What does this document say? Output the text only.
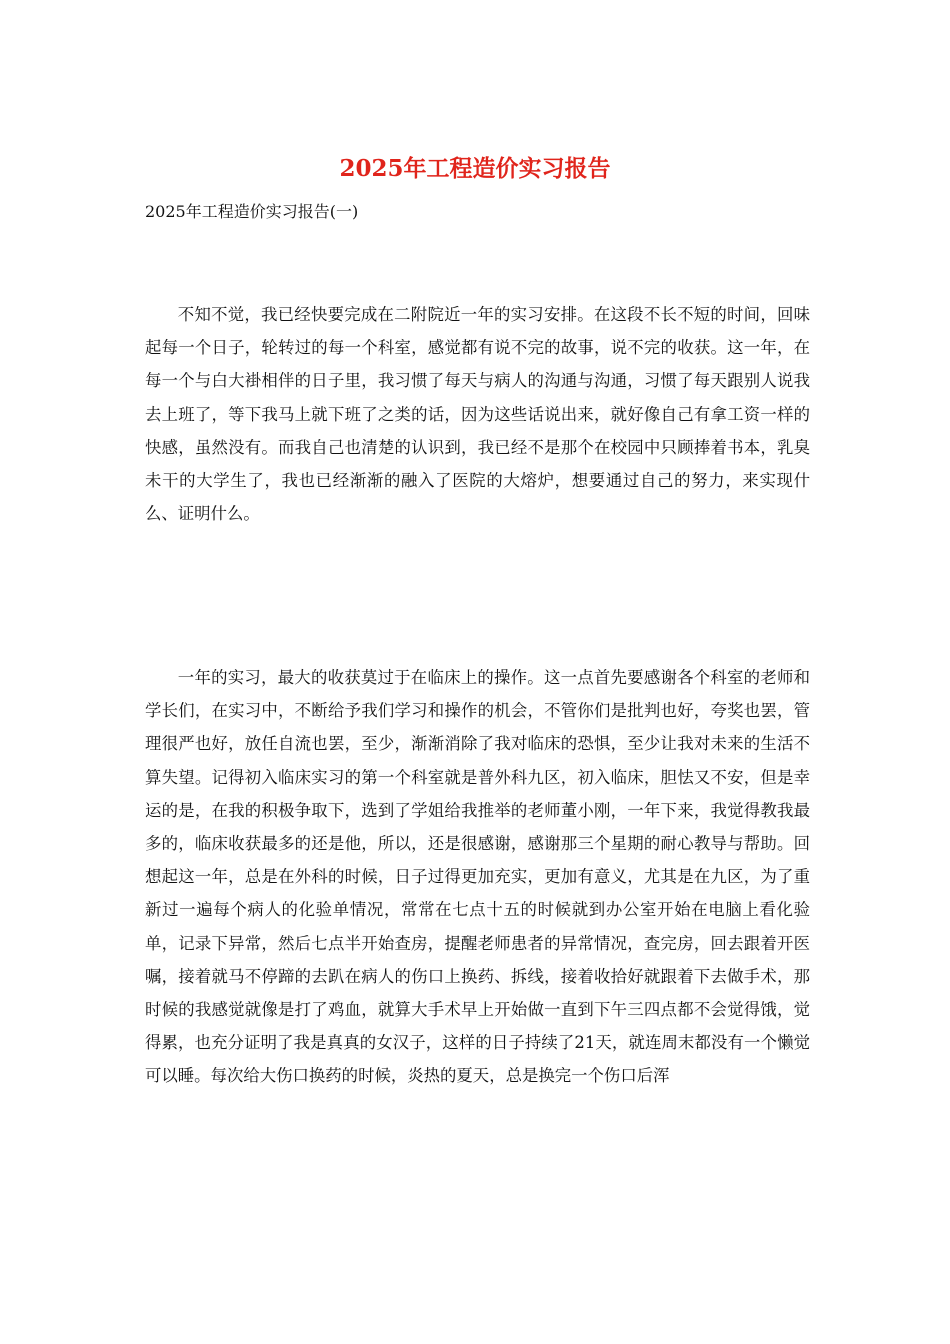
2025年工程造价实习报告

2025年工程造价实习报告(一)

不知不觉，我已经快要完成在二附院近一年的实习安排。在这段不长不短的时间，回味起每一个日子，轮转过的每一个科室，感觉都有说不完的故事，说不完的收获。这一年，在每一个与白大褂相伴的日子里，我习惯了每天与病人的沟通与沟通，习惯了每天跟别人说我去上班了，等下我马上就下班了之类的话，因为这些话说出来，就好像自己有拿工资一样的快感，虽然没有。而我自己也清楚的认识到，我已经不是那个在校园中只顾捧着书本，乳臭未干的大学生了，我也已经渐渐的融入了医院的大熔炉，想要通过自己的努力，来实现什么、证明什么。

一年的实习，最大的收获莫过于在临床上的操作。这一点首先要感谢各个科室的老师和学长们，在实习中，不断给予我们学习和操作的机会，不管你们是批判也好，夸奖也罢，管理很严也好，放任自流也罢，至少，渐渐消除了我对临床的恐惧，至少让我对未来的生活不算失望。记得初入临床实习的第一个科室就是普外科九区，初入临床，胆怯又不安，但是幸运的是，在我的积极争取下，选到了学姐给我推举的老师董小刚，一年下来，我觉得教我最多的，临床收获最多的还是他，所以，还是很感谢，感谢那三个星期的耐心教导与帮助。回想起这一年，总是在外科的时候，日子过得更加充实，更加有意义，尤其是在九区，为了重新过一遍每个病人的化验单情况，常常在七点十五的时候就到办公室开始在电脑上看化验单，记录下异常，然后七点半开始查房，提醒老师患者的异常情况，查完房，回去跟着开医嘱，接着就马不停蹄的去趴在病人的伤口上换药、拆线，接着收拾好就跟着下去做手术，那时候的我感觉就像是打了鸡血，就算大手术早上开始做一直到下午三四点都不会觉得饿，觉得累，也充分证明了我是真真的女汉子，这样的日子持续了21天，就连周末都没有一个懒觉可以睡。每次给大伤口换药的时候，炎热的夏天，总是换完一个伤口后浑
